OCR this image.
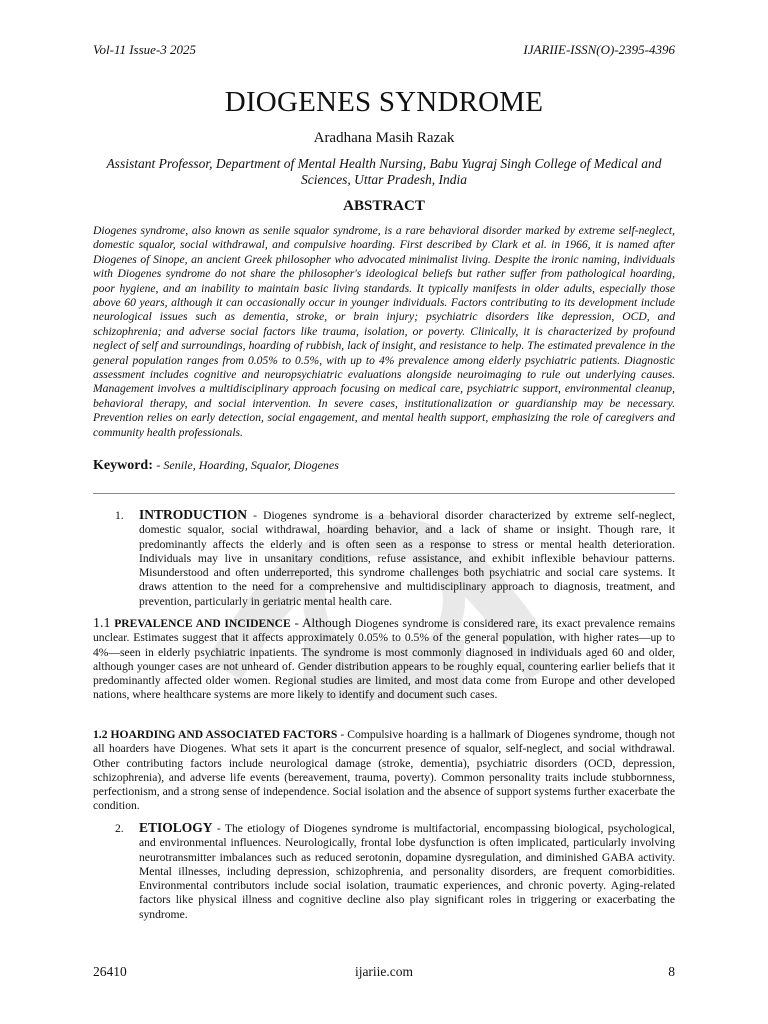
Vol-11 Issue-3 2025	IJARIIE-ISSN(O)-2395-4396
DIOGENES SYNDROME
Aradhana Masih Razak
Assistant Professor, Department of Mental Health Nursing, Babu Yugraj Singh College of Medical and Sciences, Uttar Pradesh, India
ABSTRACT
Diogenes syndrome, also known as senile squalor syndrome, is a rare behavioral disorder marked by extreme self-neglect, domestic squalor, social withdrawal, and compulsive hoarding. First described by Clark et al. in 1966, it is named after Diogenes of Sinope, an ancient Greek philosopher who advocated minimalist living. Despite the ironic naming, individuals with Diogenes syndrome do not share the philosopher's ideological beliefs but rather suffer from pathological hoarding, poor hygiene, and an inability to maintain basic living standards. It typically manifests in older adults, especially those above 60 years, although it can occasionally occur in younger individuals. Factors contributing to its development include neurological issues such as dementia, stroke, or brain injury; psychiatric disorders like depression, OCD, and schizophrenia; and adverse social factors like trauma, isolation, or poverty. Clinically, it is characterized by profound neglect of self and surroundings, hoarding of rubbish, lack of insight, and resistance to help. The estimated prevalence in the general population ranges from 0.05% to 0.5%, with up to 4% prevalence among elderly psychiatric patients. Diagnostic assessment includes cognitive and neuropsychiatric evaluations alongside neuroimaging to rule out underlying causes. Management involves a multidisciplinary approach focusing on medical care, psychiatric support, environmental cleanup, behavioral therapy, and social intervention. In severe cases, institutionalization or guardianship may be necessary. Prevention relies on early detection, social engagement, and mental health support, emphasizing the role of caregivers and community health professionals.
Keyword: - Senile, Hoarding, Squalor, Diogenes
1.	INTRODUCTION - Diogenes syndrome is a behavioral disorder characterized by extreme self-neglect, domestic squalor, social withdrawal, hoarding behavior, and a lack of shame or insight. Though rare, it predominantly affects the elderly and is often seen as a response to stress or mental health deterioration. Individuals may live in unsanitary conditions, refuse assistance, and exhibit inflexible behaviour patterns. Misunderstood and often underreported, this syndrome challenges both psychiatric and social care systems. It draws attention to the need for a comprehensive and multidisciplinary approach to diagnosis, treatment, and prevention, particularly in geriatric mental health care.
1.1 PREVALENCE AND INCIDENCE - Although Diogenes syndrome is considered rare, its exact prevalence remains unclear. Estimates suggest that it affects approximately 0.05% to 0.5% of the general population, with higher rates—up to 4%—seen in elderly psychiatric inpatients. The syndrome is most commonly diagnosed in individuals aged 60 and older, although younger cases are not unheard of. Gender distribution appears to be roughly equal, countering earlier beliefs that it predominantly affected older women. Regional studies are limited, and most data come from Europe and other developed nations, where healthcare systems are more likely to identify and document such cases.
1.2 HOARDING AND ASSOCIATED FACTORS - Compulsive hoarding is a hallmark of Diogenes syndrome, though not all hoarders have Diogenes. What sets it apart is the concurrent presence of squalor, self-neglect, and social withdrawal. Other contributing factors include neurological damage (stroke, dementia), psychiatric disorders (OCD, depression, schizophrenia), and adverse life events (bereavement, trauma, poverty). Common personality traits include stubbornness, perfectionism, and a strong sense of independence. Social isolation and the absence of support systems further exacerbate the condition.
2.	ETIOLOGY - The etiology of Diogenes syndrome is multifactorial, encompassing biological, psychological, and environmental influences. Neurologically, frontal lobe dysfunction is often implicated, particularly involving neurotransmitter imbalances such as reduced serotonin, dopamine dysregulation, and diminished GABA activity. Mental illnesses, including depression, schizophrenia, and personality disorders, are frequent comorbidities. Environmental contributors include social isolation, traumatic experiences, and chronic poverty. Aging-related factors like physical illness and cognitive decline also play significant roles in triggering or exacerbating the syndrome.
26410	ijariie.com	8
